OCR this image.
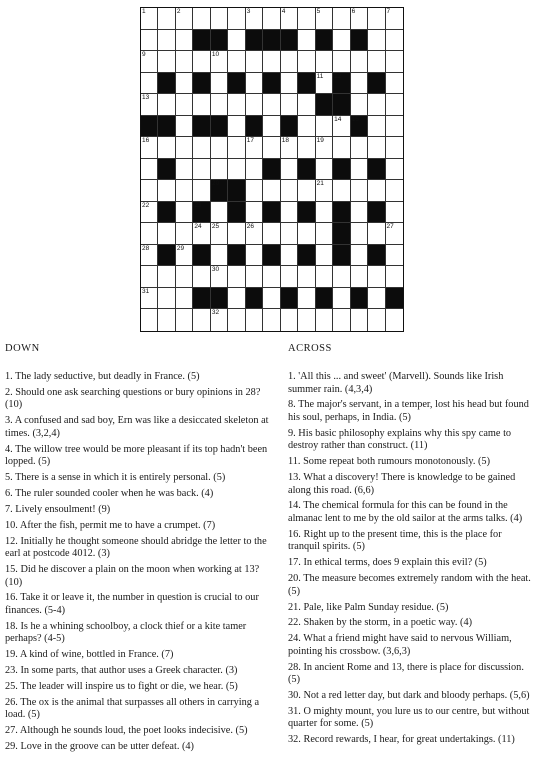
1	2	3	4	5	6	7
8
9	10
11 12
13
14 15
16	17	18	19
20	21
22	23
24 25	26	27
28	29
30
31
32
DOWN
1. The lady seductive, but deadly in France. (5)
2. Should one ask searching questions or bury opinions in 28? (10)
3. A confused and sad boy, Ern was like a desiccated skeleton at times. (3,2,4)
4. The willow tree would be more pleasant if its top hadn't been lopped. (5)
5. There is a sense in which it is entirely personal. (5)
6. The ruler sounded cooler when he was back. (4)
7. Lively ensoulment! (9)
10. After the fish, permit me to have a crumpet. (7)
12. Initially he thought someone should abridge the letter to the earl at postcode 4012. (3)
15. Did he discover a plain on the moon when working at 13? (10)
16. Take it or leave it, the number in question is crucial to our finances. (5-4)
18. Is he a whining schoolboy, a clock thief or a kite tamer perhaps? (4-5)
19. A kind of wine, bottled in France. (7)
23. In some parts, that author uses a Greek character. (3)
25. The leader will inspire us to fight or die, we hear. (5)
26. The ox is the animal that surpasses all others in carrying a load. (5)
27. Although he sounds loud, the poet looks indecisive. (5)
29. Love in the groove can be utter defeat. (4)
ACROSS
1. 'All this ... and sweet' (Marvell). Sounds like Irish summer rain. (4,3,4)
8. The major's servant, in a temper, lost his head but found his soul, perhaps, in India. (5)
9. His basic philosophy explains why this spy came to destroy rather than construct. (11)
11. Some repeat both rumours monotonously. (5)
13. What a discovery! There is knowledge to be gained along this road. (6,6)
14. The chemical formula for this can be found in the almanac lent to me by the old sailor at the arms talks. (4)
16. Right up to the present time, this is the place for tranquil spirits. (5)
17. In ethical terms, does 9 explain this evil? (5)
20. The measure becomes extremely random with the heat. (5)
21. Pale, like Palm Sunday residue. (5)
22. Shaken by the storm, in a poetic way. (4)
24. What a friend might have said to nervous William, pointing his crossbow. (3,6,3)
28. In ancient Rome and 13, there is place for discussion. (5)
30. Not a red letter day, but dark and bloody perhaps. (5,6)
31. O mighty mount, you lure us to our centre, but without quarter for some. (5)
32. Record rewards, I hear, for great undertakings. (11)
